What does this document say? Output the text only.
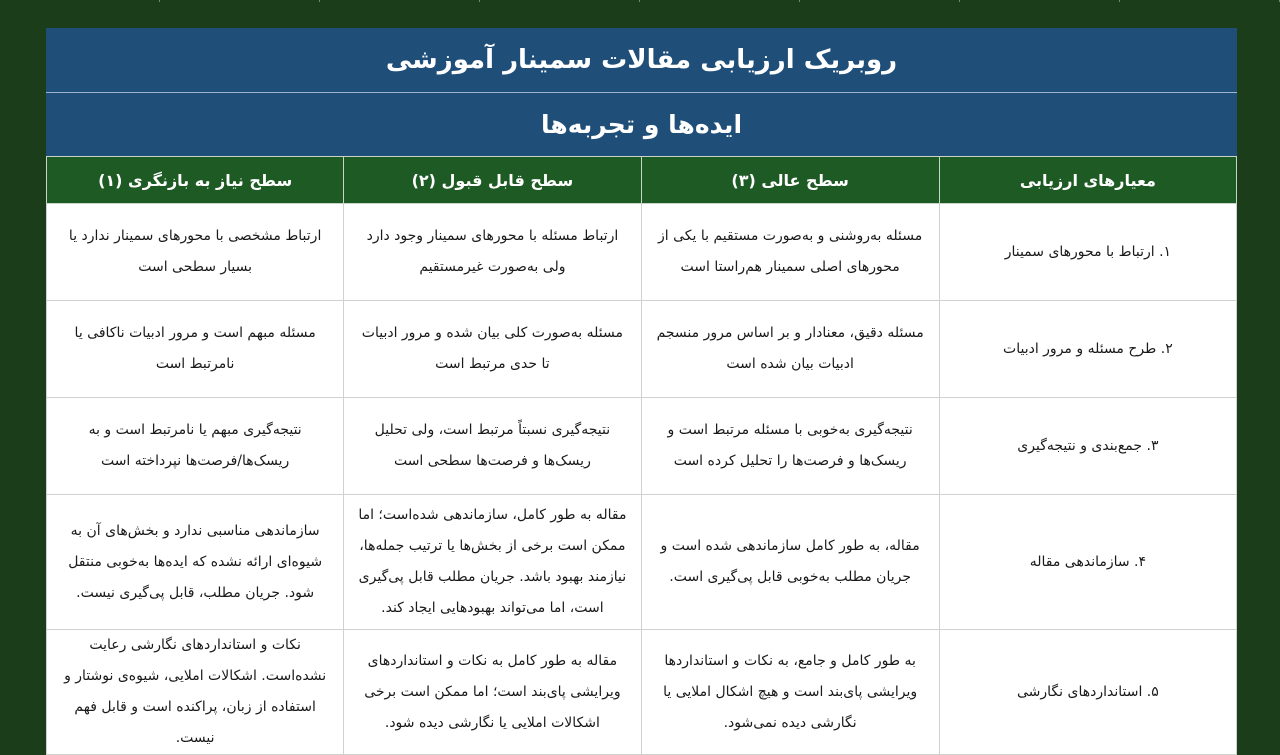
روبریک ارزیابی مقالات سمینار آموزشی
ایده‌ها و تجربه‌ها
معیارهای ارزیابی	سطح عالی (۳)	سطح قابل قبول (۲)	سطح نیاز به بازنگری (۱)
۱. ارتباط با محورهای سمینار	مسئله به‌روشنی و به‌صورت مستقیم با یکی از محورهای اصلی سمینار هم‌راستا است	ارتباط مسئله با محورهای سمینار وجود دارد ولی به‌صورت غیرمستقیم	ارتباط مشخصی با محورهای سمینار ندارد یا بسیار سطحی است
۲. طرح مسئله و مرور ادبیات	مسئله دقیق، معنادار و بر اساس مرور منسجم ادبیات بیان شده است	مسئله به‌صورت کلی بیان شده و مرور ادبیات تا حدی مرتبط است	مسئله مبهم است و مرور ادبیات ناکافی یا نامرتبط است
۳. جمع‌بندی و نتیجه‌گیری	نتیجه‌گیری به‌خوبی با مسئله مرتبط است و ریسک‌ها و فرصت‌ها را تحلیل کرده است	نتیجه‌گیری نسبتاً مرتبط است، ولی تحلیل ریسک‌ها و فرصت‌ها سطحی است	نتیجه‌گیری مبهم یا نامرتبط است و به ریسک‌ها/فرصت‌ها نپرداخته است
۴. سازماندهی مقاله	مقاله، به طور کامل سازماندهی شده است و جریان مطلب به‌خوبی قابل پی‌گیری است.	مقاله به طور کامل، سازماندهی شده‌است؛ اما ممکن است برخی از بخش‌ها یا ترتیب جمله‌ها، نیازمند بهبود باشد. جریان مطلب قابل پی‌گیری است، اما می‌تواند بهبودهایی ایجاد کند.	سازماندهی مناسبی ندارد و بخش‌های آن به شیوه‌ای ارائه نشده که ایده‌ها به‌خوبی منتقل شود. جریان مطلب، قابل پی‌گیری نیست.
۵. استانداردهای نگارشی	به طور کامل و جامع، به نکات و استانداردها ویرایشی پای‌بند است و هیچ اشکال املایی یا نگارشی دیده نمی‌شود.	مقاله به طور کامل به نکات و استانداردهای ویرایشی پای‌بند است؛ اما ممکن است برخی اشکالات املایی یا نگارشی دیده شود.	نکات و استانداردهای نگارشی رعایت نشده‌است. اشکالات املایی، شیوه‌ی نوشتار و استفاده از زبان، پراکنده است و قابل فهم نیست.
